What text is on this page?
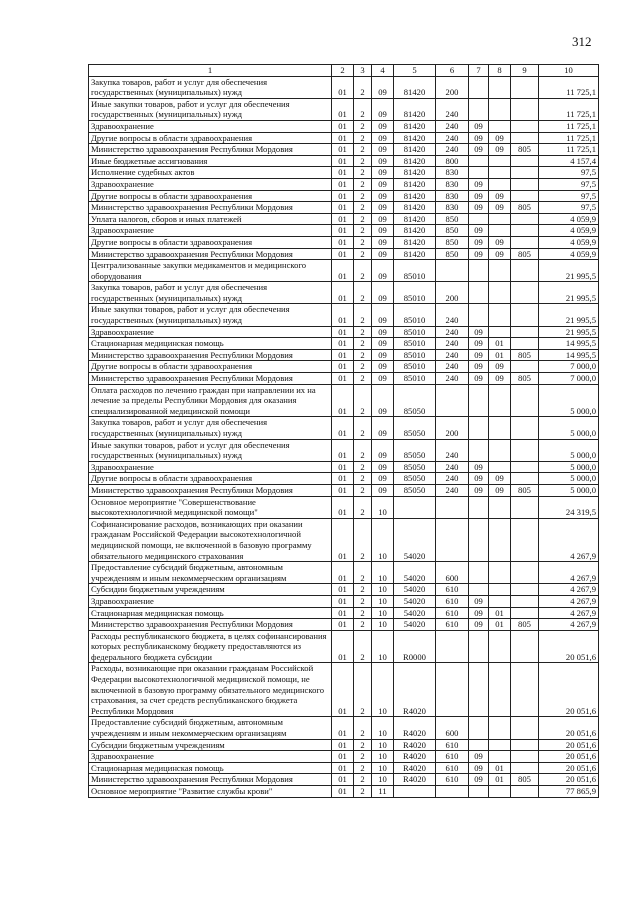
312
1	2	3	4	5	6	7	8	9	10
Закупка товаров, работ и услуг для обеспечения государственных (муниципальных) нужд	01	2	09	81420	200				11 725,1
Иные закупки товаров, работ и услуг для обеспечения государственных (муниципальных) нужд	01	2	09	81420	240				11 725,1
Здравоохранение	01	2	09	81420	240	09			11 725,1
Другие вопросы в области здравоохранения	01	2	09	81420	240	09	09		11 725,1
Министерство здравоохранения Республики Мордовия	01	2	09	81420	240	09	09	805	11 725,1
Иные бюджетные ассигнования	01	2	09	81420	800				4 157,4
Исполнение судебных актов	01	2	09	81420	830				97,5
Здравоохранение	01	2	09	81420	830	09			97,5
Другие вопросы в области здравоохранения	01	2	09	81420	830	09	09		97,5
Министерство здравоохранения Республики Мордовия	01	2	09	81420	830	09	09	805	97,5
Уплата налогов, сборов и иных платежей	01	2	09	81420	850				4 059,9
Здравоохранение	01	2	09	81420	850	09			4 059,9
Другие вопросы в области здравоохранения	01	2	09	81420	850	09	09		4 059,9
Министерство здравоохранения Республики Мордовия	01	2	09	81420	850	09	09	805	4 059,9
Централизованные закупки медикаментов и медицинского оборудования	01	2	09	85010					21 995,5
Закупка товаров, работ и услуг для обеспечения государственных (муниципальных) нужд	01	2	09	85010	200				21 995,5
Иные закупки товаров, работ и услуг для обеспечения государственных (муниципальных) нужд	01	2	09	85010	240				21 995,5
Здравоохранение	01	2	09	85010	240	09			21 995,5
Стационарная медицинская помощь	01	2	09	85010	240	09	01		14 995,5
Министерство здравоохранения Республики Мордовия	01	2	09	85010	240	09	01	805	14 995,5
Другие вопросы в области здравоохранения	01	2	09	85010	240	09	09		7 000,0
Министерство здравоохранения Республики Мордовия	01	2	09	85010	240	09	09	805	7 000,0
Оплата расходов по лечению граждан при направлении их на лечение за пределы Республики Мордовия для оказания специализированной медицинской помощи	01	2	09	85050					5 000,0
Закупка товаров, работ и услуг для обеспечения государственных (муниципальных) нужд	01	2	09	85050	200				5 000,0
Иные закупки товаров, работ и услуг для обеспечения государственных (муниципальных) нужд	01	2	09	85050	240				5 000,0
Здравоохранение	01	2	09	85050	240	09			5 000,0
Другие вопросы в области здравоохранения	01	2	09	85050	240	09	09		5 000,0
Министерство здравоохранения Республики Мордовия	01	2	09	85050	240	09	09	805	5 000,0
Основное мероприятие "Совершенствование высокотехнологичной медицинской помощи"	01	2	10						24 319,5
Софинансирование расходов, возникающих при оказании гражданам Российской Федерации высокотехнологичной медицинской помощи, не включенной в базовую программу обязательного медицинского страхования	01	2	10	54020					4 267,9
Предоставление субсидий бюджетным, автономным учреждениям и иным некоммерческим организациям	01	2	10	54020	600				4 267,9
Субсидии бюджетным учреждениям	01	2	10	54020	610				4 267,9
Здравоохранение	01	2	10	54020	610	09			4 267,9
Стационарная медицинская помощь	01	2	10	54020	610	09	01		4 267,9
Министерство здравоохранения Республики Мордовия	01	2	10	54020	610	09	01	805	4 267,9
Расходы республиканского бюджета, в целях софинансирования которых республиканскому бюджету предоставляются из федерального бюджета субсидии	01	2	10	R0000					20 051,6
Расходы, возникающие при оказании гражданам Российской Федерации высокотехнологичной медицинской помощи, не включенной в базовую программу обязательного медицинского страхования, за счет средств республиканского бюджета Республики Мордовия	01	2	10	R4020					20 051,6
Предоставление субсидий бюджетным, автономным учреждениям и иным некоммерческим организациям	01	2	10	R4020	600				20 051,6
Субсидии бюджетным учреждениям	01	2	10	R4020	610				20 051,6
Здравоохранение	01	2	10	R4020	610	09			20 051,6
Стационарная медицинская помощь	01	2	10	R4020	610	09	01		20 051,6
Министерство здравоохранения Республики Мордовия	01	2	10	R4020	610	09	01	805	20 051,6
Основное мероприятие "Развитие службы крови"	01	2	11						77 865,9
